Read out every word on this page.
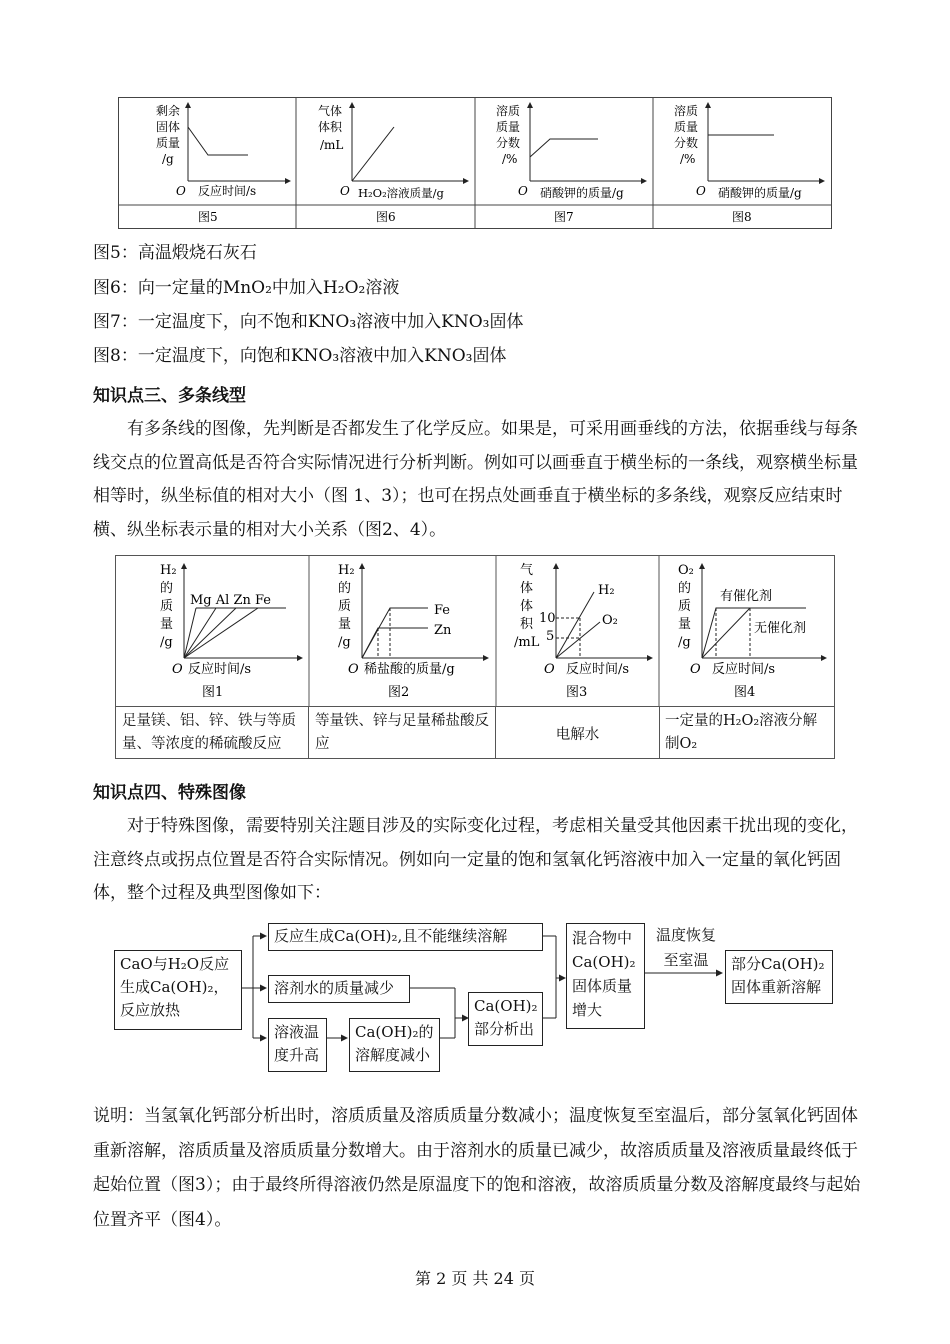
剩余
固体
质量
/g
O 反应时间/s
图5
气体
体积
/mL
O H₂O₂溶液质量/g
图6
溶质
质量
分数
/%
O 硝酸钾的质量/g
图7
溶质
质量
分数
/%
O 硝酸钾的质量/g
图8
图5：高温煅烧石灰石
图6：向一定量的MnO₂中加入H₂O₂溶液
图7：一定温度下，向不饱和KNO₃溶液中加入KNO₃固体
图8：一定温度下，向饱和KNO₃溶液中加入KNO₃固体
知识点三、多条线型
有多条线的图像，先判断是否都发生了化学反应。如果是，可采用画垂线的方法，依据垂线与每条线交点的位置高低是否符合实际情况进行分析判断。例如可以画垂直于横坐标的一条线，观察横坐标量相等时，纵坐标值的相对大小（图 1、3）；也可在拐点处画垂直于横坐标的多条线，观察反应结束时横、纵坐标表示量的相对大小关系（图2、4）。
H₂
的
质
量
/g
Mg Al Zn Fe
O 反应时间/s
图1
H₂
的
质
量
/g
Fe
Zn
O 稀盐酸的质量/g
图2
气
体
体
积
/mL
10
5
H₂
O₂
O 反应时间/s
图3
O₂
的
质
量
/g
有催化剂
无催化剂
O 反应时间/s
图4
足量镁、铝、锌、铁与等质量、等浓度的稀硫酸反应
等量铁、锌与足量稀盐酸反应
电解水
一定量的H₂O₂溶液分解制O₂
知识点四、特殊图像
对于特殊图像，需要特别关注题目涉及的实际变化过程，考虑相关量受其他因素干扰出现的变化，注意终点或拐点位置是否符合实际情况。例如向一定量的饱和氢氧化钙溶液中加入一定量的氧化钙固体，整个过程及典型图像如下：
CaO与H₂O反应生成Ca(OH)₂，反应放热
反应生成Ca(OH)₂,且不能继续溶解
溶剂水的质量减少
溶液温度升高
Ca(OH)₂的溶解度减小
Ca(OH)₂部分析出
混合物中Ca(OH)₂固体质量增大
温度恢复至室温	部分Ca(OH)₂固体重新溶解
说明：当氢氧化钙部分析出时，溶质质量及溶质质量分数减小；温度恢复至室温后，部分氢氧化钙固体重新溶解，溶质质量及溶质质量分数增大。由于溶剂水的质量已减少，故溶质质量及溶液质量最终低于起始位置（图3）；由于最终所得溶液仍然是原温度下的饱和溶液，故溶质质量分数及溶解度最终与起始位置齐平（图4）。
第 2 页 共 24 页
